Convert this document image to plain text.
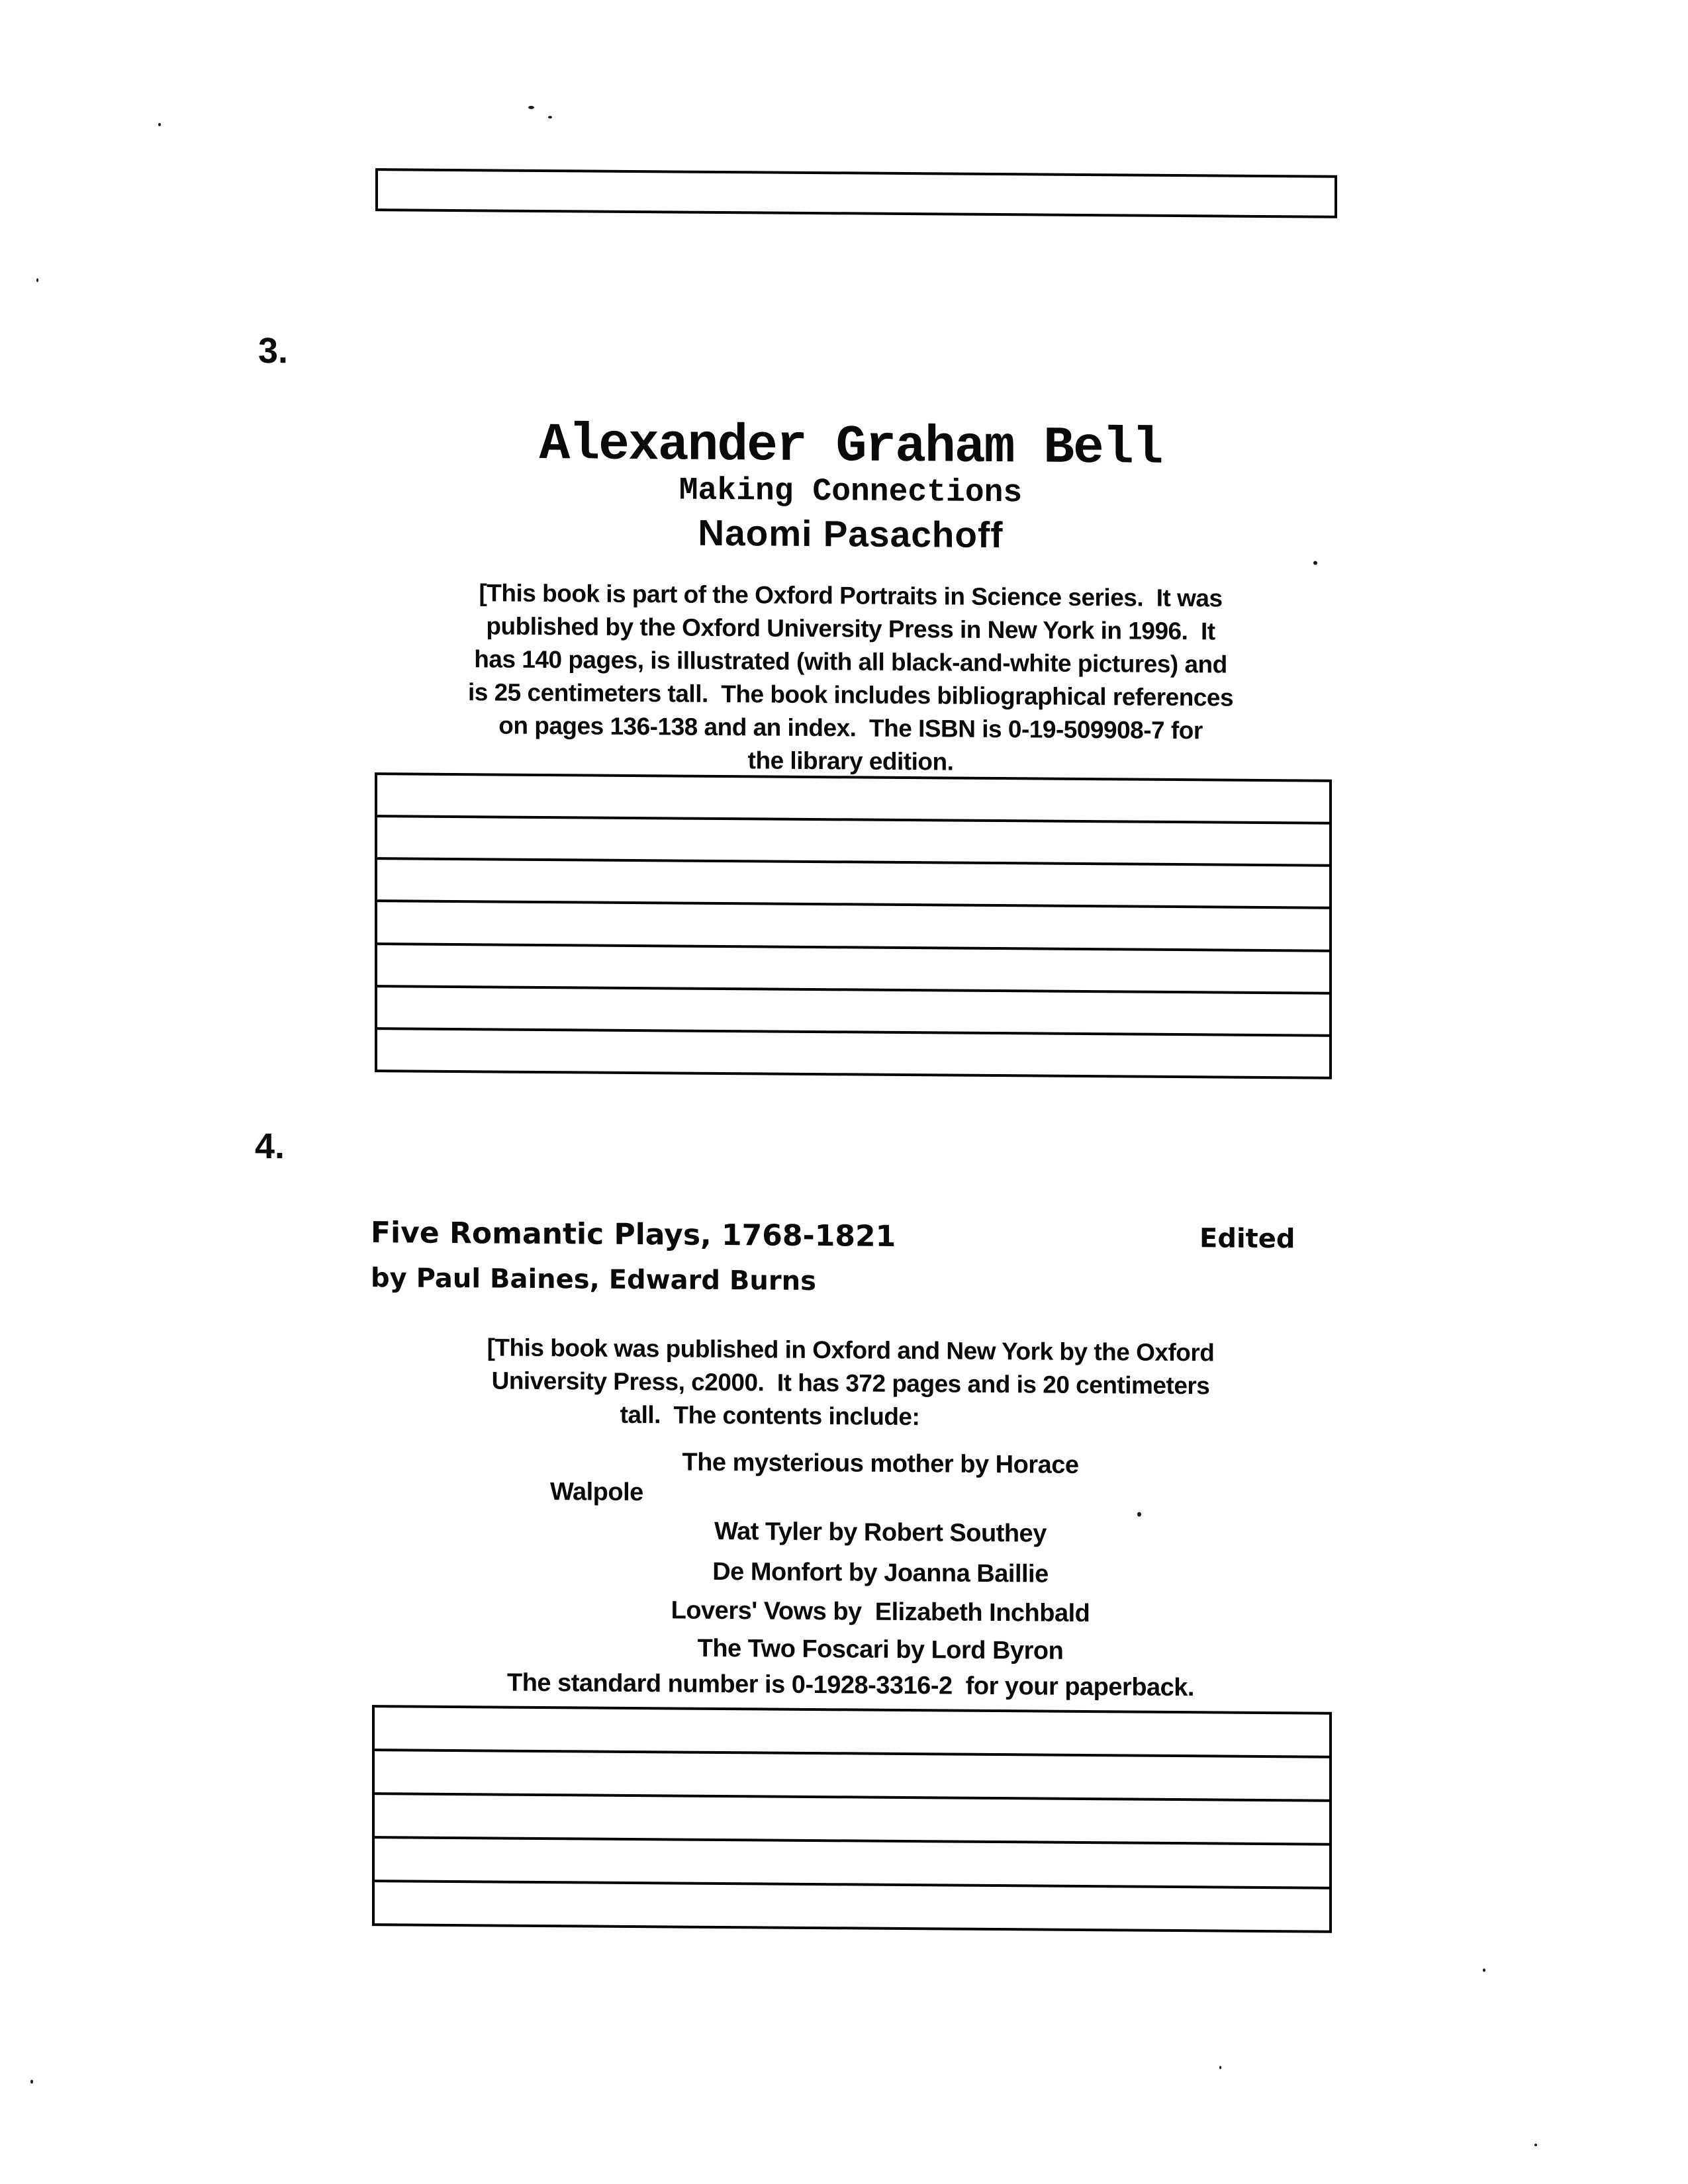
3.
Alexander Graham Bell
Making Connections
Naomi Pasachoff
[This book is part of the Oxford Portraits in Science series.  It was
published by the Oxford University Press in New York in 1996.  It
has 140 pages, is illustrated (with all black-and-white pictures) and
is 25 centimeters tall.  The book includes bibliographical references
on pages 136-138 and an index.  The ISBN is 0-19-509908-7 for
the library edition.
4.
Five Romantic Plays, 1768-1821	Edited
by Paul Baines, Edward Burns
[This book was published in Oxford and New York by the Oxford
University Press, c2000.  It has 372 pages and is 20 centimeters
tall.  The contents include:
The mysterious mother by Horace
Walpole
Wat Tyler by Robert Southey
De Monfort by Joanna Baillie
Lovers' Vows by  Elizabeth Inchbald
The Two Foscari by Lord Byron
The standard number is 0-1928-3316-2  for your paperback.
